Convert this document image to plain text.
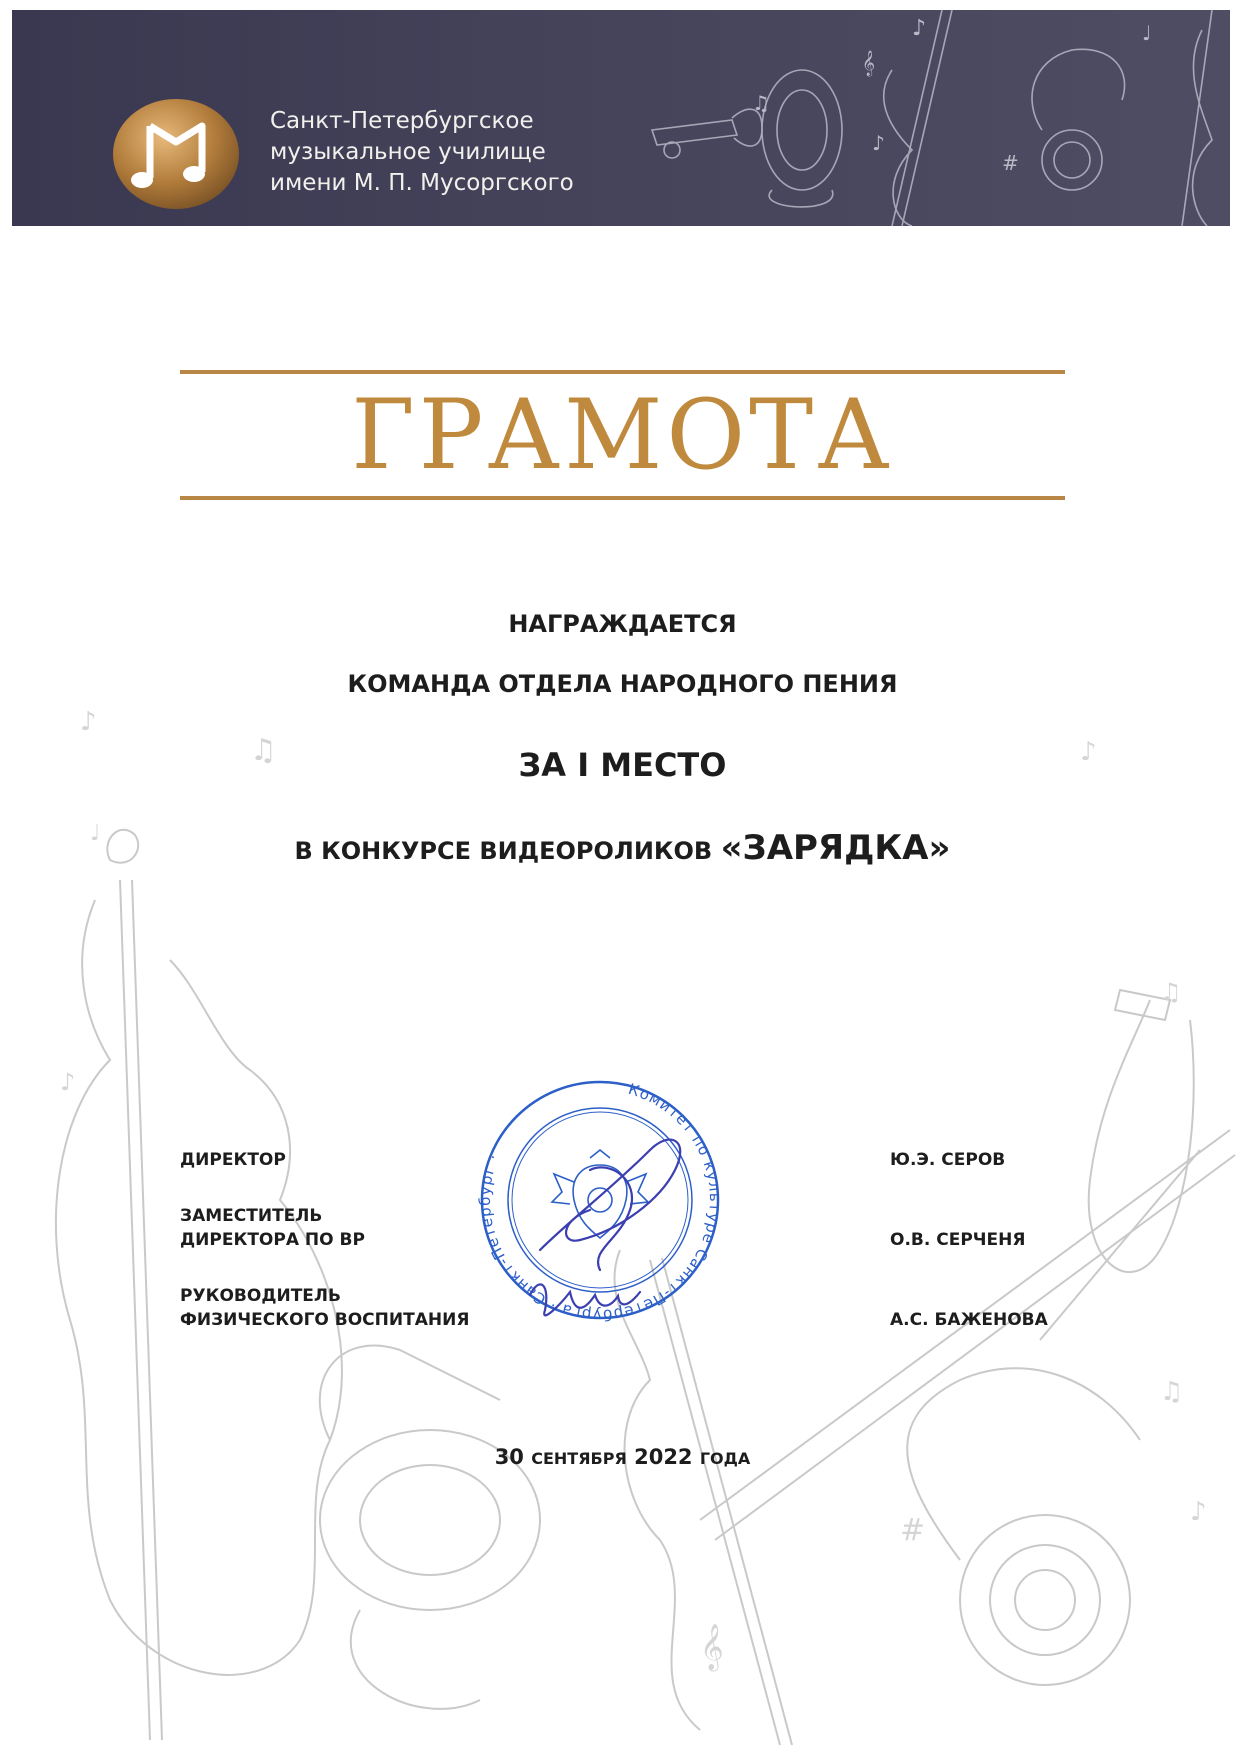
♪
♫
♩
♪
♫
♪
♫
♪
#
𝄞
♪
𝄞
#
♫
♪
♩
Санкт-Петербургское
музыкальное училище
имени М. П. Мусоргского
ГРАМОТА
НАГРАЖДАЕТСЯ
КОМАНДА ОТДЕЛА НАРОДНОГО ПЕНИЯ
ЗА I МЕСТО
В КОНКУРСЕ ВИДЕОРОЛИКОВ «ЗАРЯДКА»
ДИРЕКТОР	Ю.Э. СЕРОВ
ЗАМЕСТИТЕЛЬ
ДИРЕКТОРА ПО ВР	О.В. СЕРЧЕНЯ
РУКОВОДИТЕЛЬ
ФИЗИЧЕСКОГО ВОСПИТАНИЯ	А.С. БАЖЕНОВА
Комитет по культуре Санкт-Петербурга · Санкт-Петербург ·
30 СЕНТЯБРЯ 2022 ГОДА
